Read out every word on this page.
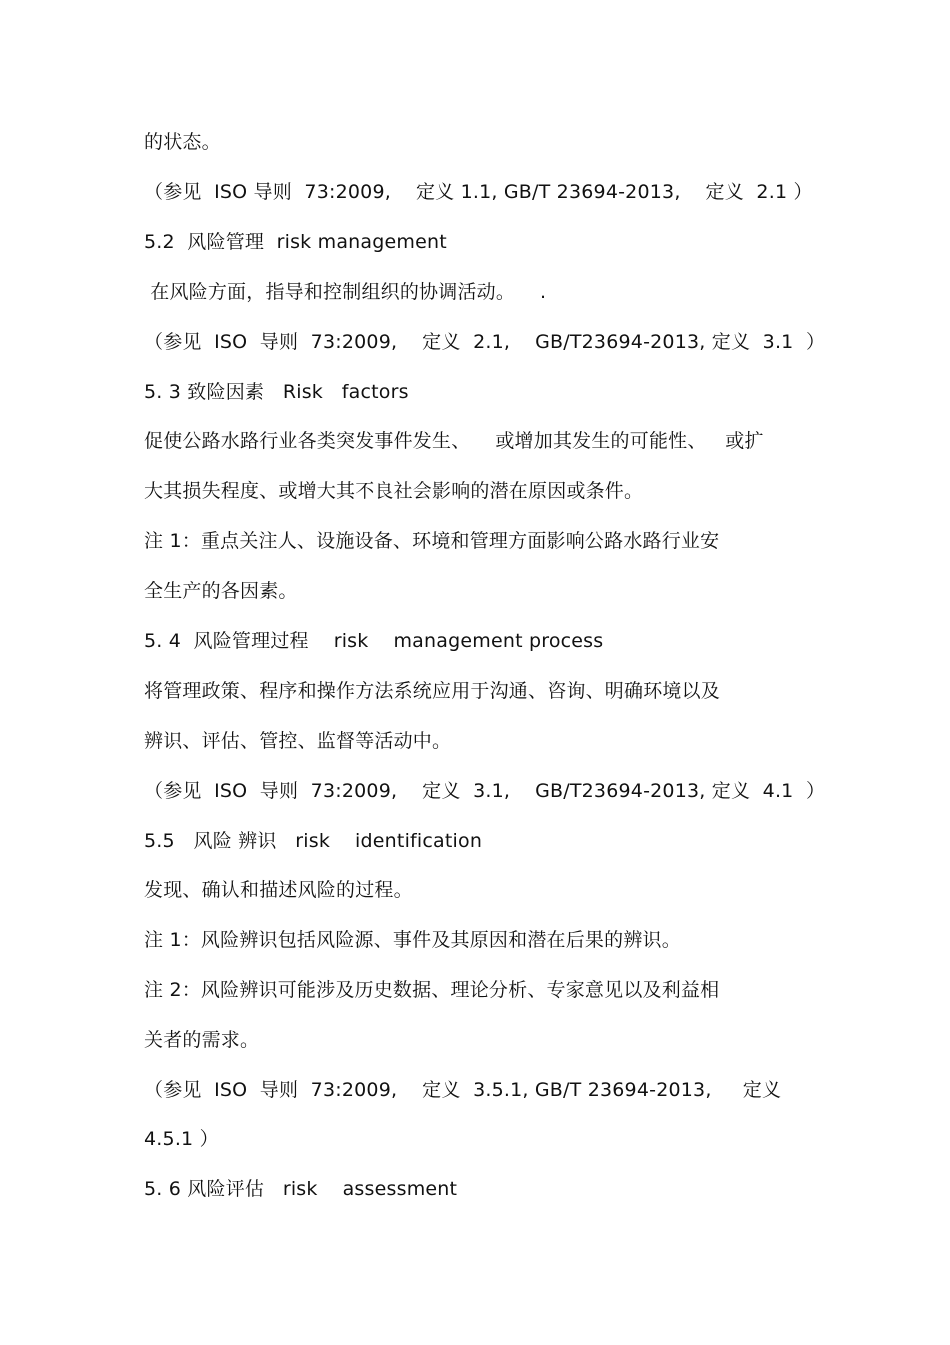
的状态。
（参见  ISO 导则  73:2009,    定义 1.1, GB/T 23694-2013,    定义  2.1 ）
5.2  风险管理  risk management
在风险方面，指导和控制组织的协调活动。    .
（参见  ISO  导则  73:2009,    定义  2.1,    GB/T23694-2013, 定义  3.1  ）
5. 3 致险因素   Risk   factors
促使公路水路行业各类突发事件发生、    或增加其发生的可能性、   或扩
大其损失程度、或增大其不良社会影响的潜在原因或条件。
注 1：重点关注人、设施设备、环境和管理方面影响公路水路行业安
全生产的各因素。
5. 4  风险管理过程    risk    management process
将管理政策、程序和操作方法系统应用于沟通、咨询、明确环境以及
辨识、评估、管控、监督等活动中。
（参见  ISO  导则  73:2009,    定义  3.1,    GB/T23694-2013, 定义  4.1  ）
5.5   风险 辨识   risk    identification
发现、确认和描述风险的过程。
注 1：风险辨识包括风险源、事件及其原因和潜在后果的辨识。
注 2：风险辨识可能涉及历史数据、理论分析、专家意见以及利益相
关者的需求。
（参见  ISO  导则  73:2009,    定义  3.5.1, GB/T 23694-2013,     定义
4.5.1 ）
5. 6 风险评估   risk    assessment
